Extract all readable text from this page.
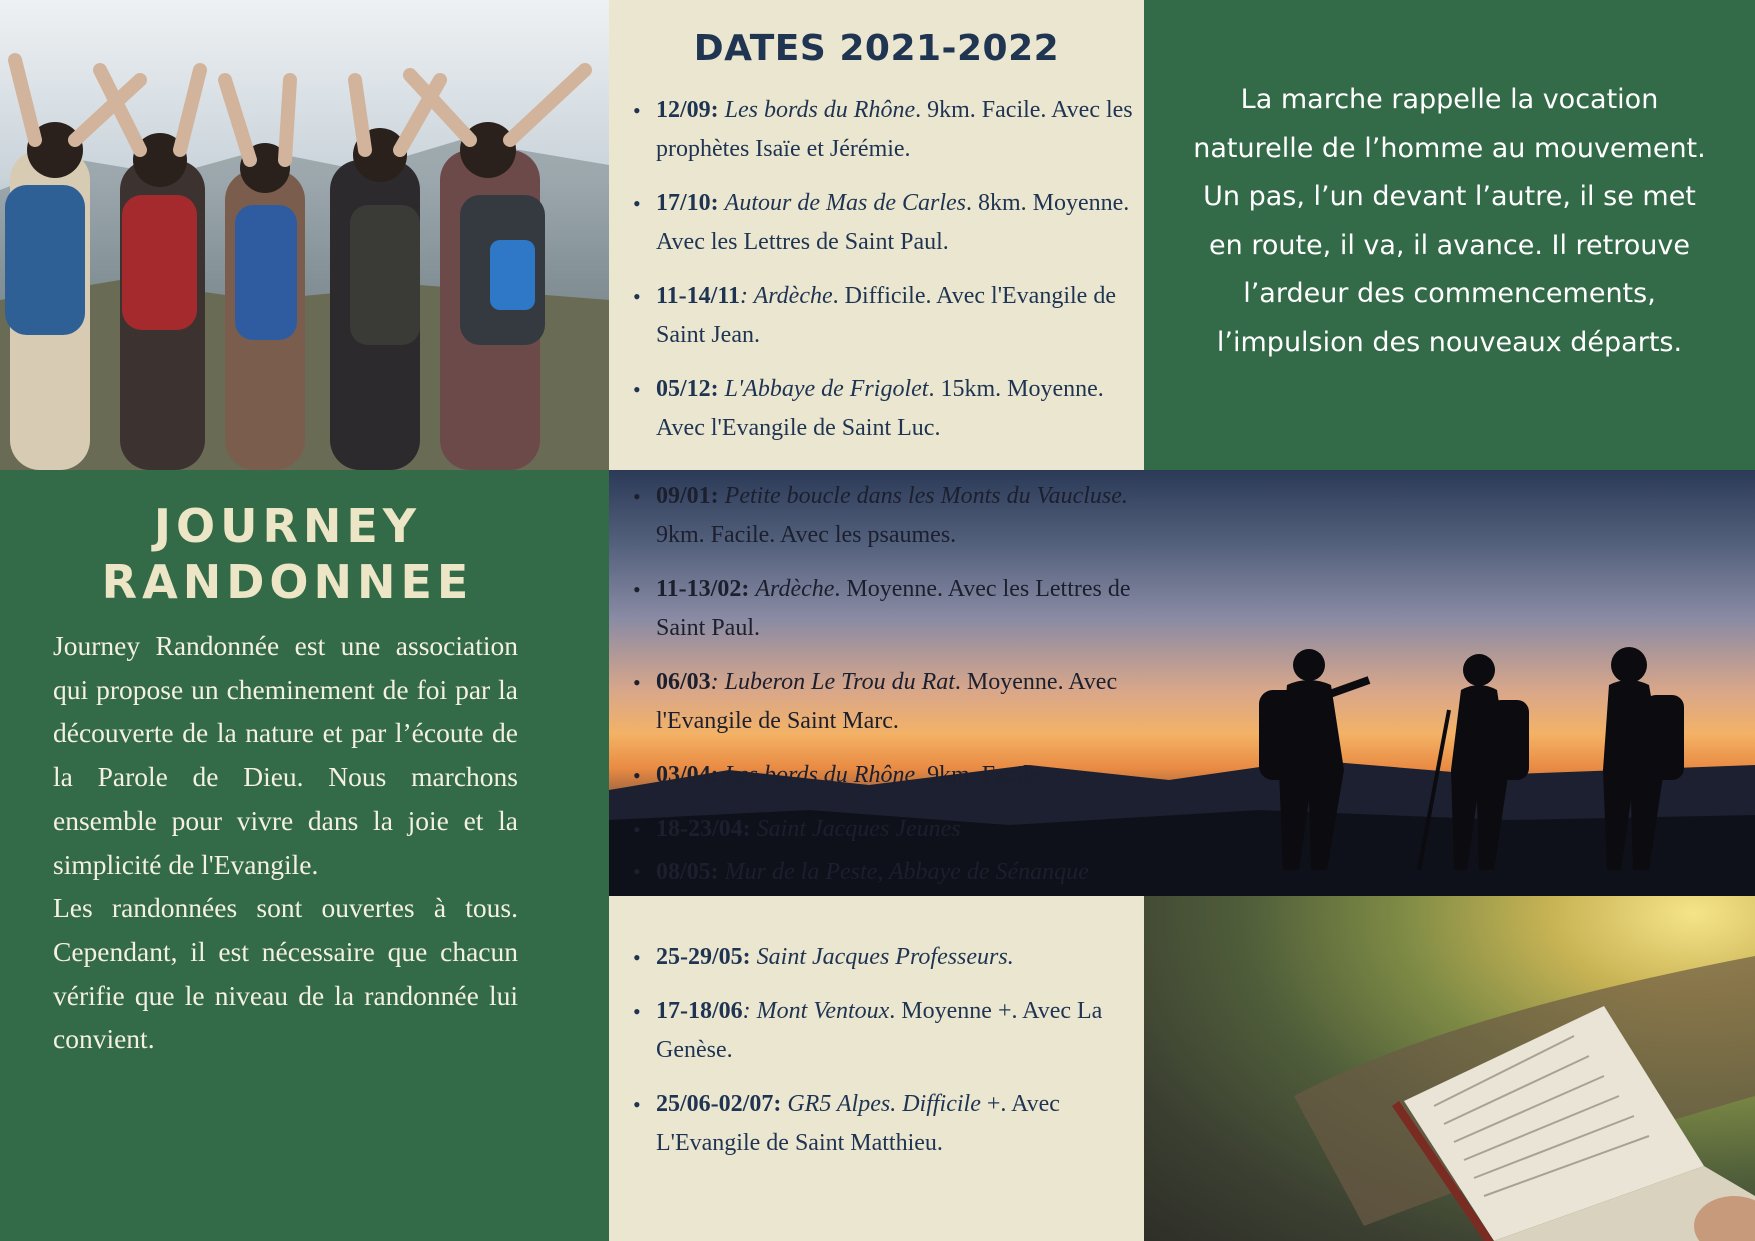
DATES 2021-2022
• 12/09: Les bords du Rhône. 9km. Facile. Avec les prophètes Isaïe et Jérémie.
• 17/10: Autour de Mas de Carles. 8km. Moyenne. Avec les Lettres de Saint Paul.
• 11-14/11: Ardèche. Difficile. Avec l'Evangile de Saint Jean.
• 05/12: L'Abbaye de Frigolet. 15km. Moyenne. Avec l'Evangile de Saint Luc.
La marche rappelle la vocation naturelle de l’homme au mouvement. Un pas, l’un devant l’autre, il se met en route, il va, il avance. Il retrouve l’ardeur des commencements, l’impulsion des nouveaux départs.
JOURNEY
RANDONNEE

Journey Randonnée est une association qui propose un cheminement de foi par la découverte de la nature et par l’écoute de la Parole de Dieu. Nous marchons ensemble pour vivre dans la joie et la simplicité de l'Evangile.

Les randonnées sont ouvertes à tous. Cependant, il est nécessaire que chacun vérifie que le niveau de la randonnée lui convient.

• 09/01: Petite boucle dans les Monts du Vaucluse. 9km. Facile. Avec les psaumes.
• 11-13/02: Ardèche. Moyenne. Avec les Lettres de Saint Paul.
• 06/03: Luberon Le Trou du Rat. Moyenne. Avec l'Evangile de Saint Marc.
• 03/04: Les bords du Rhône. 9km. Facile.
• 18-23/04: Saint Jacques Jeunes
• 08/05: Mur de la Peste, Abbaye de Sénanque
• 25-29/05: Saint Jacques Professeurs.
• 17-18/06: Mont Ventoux. Moyenne +. Avec La Genèse.
• 25/06-02/07: GR5 Alpes. Difficile +. Avec L'Evangile de Saint Matthieu.
